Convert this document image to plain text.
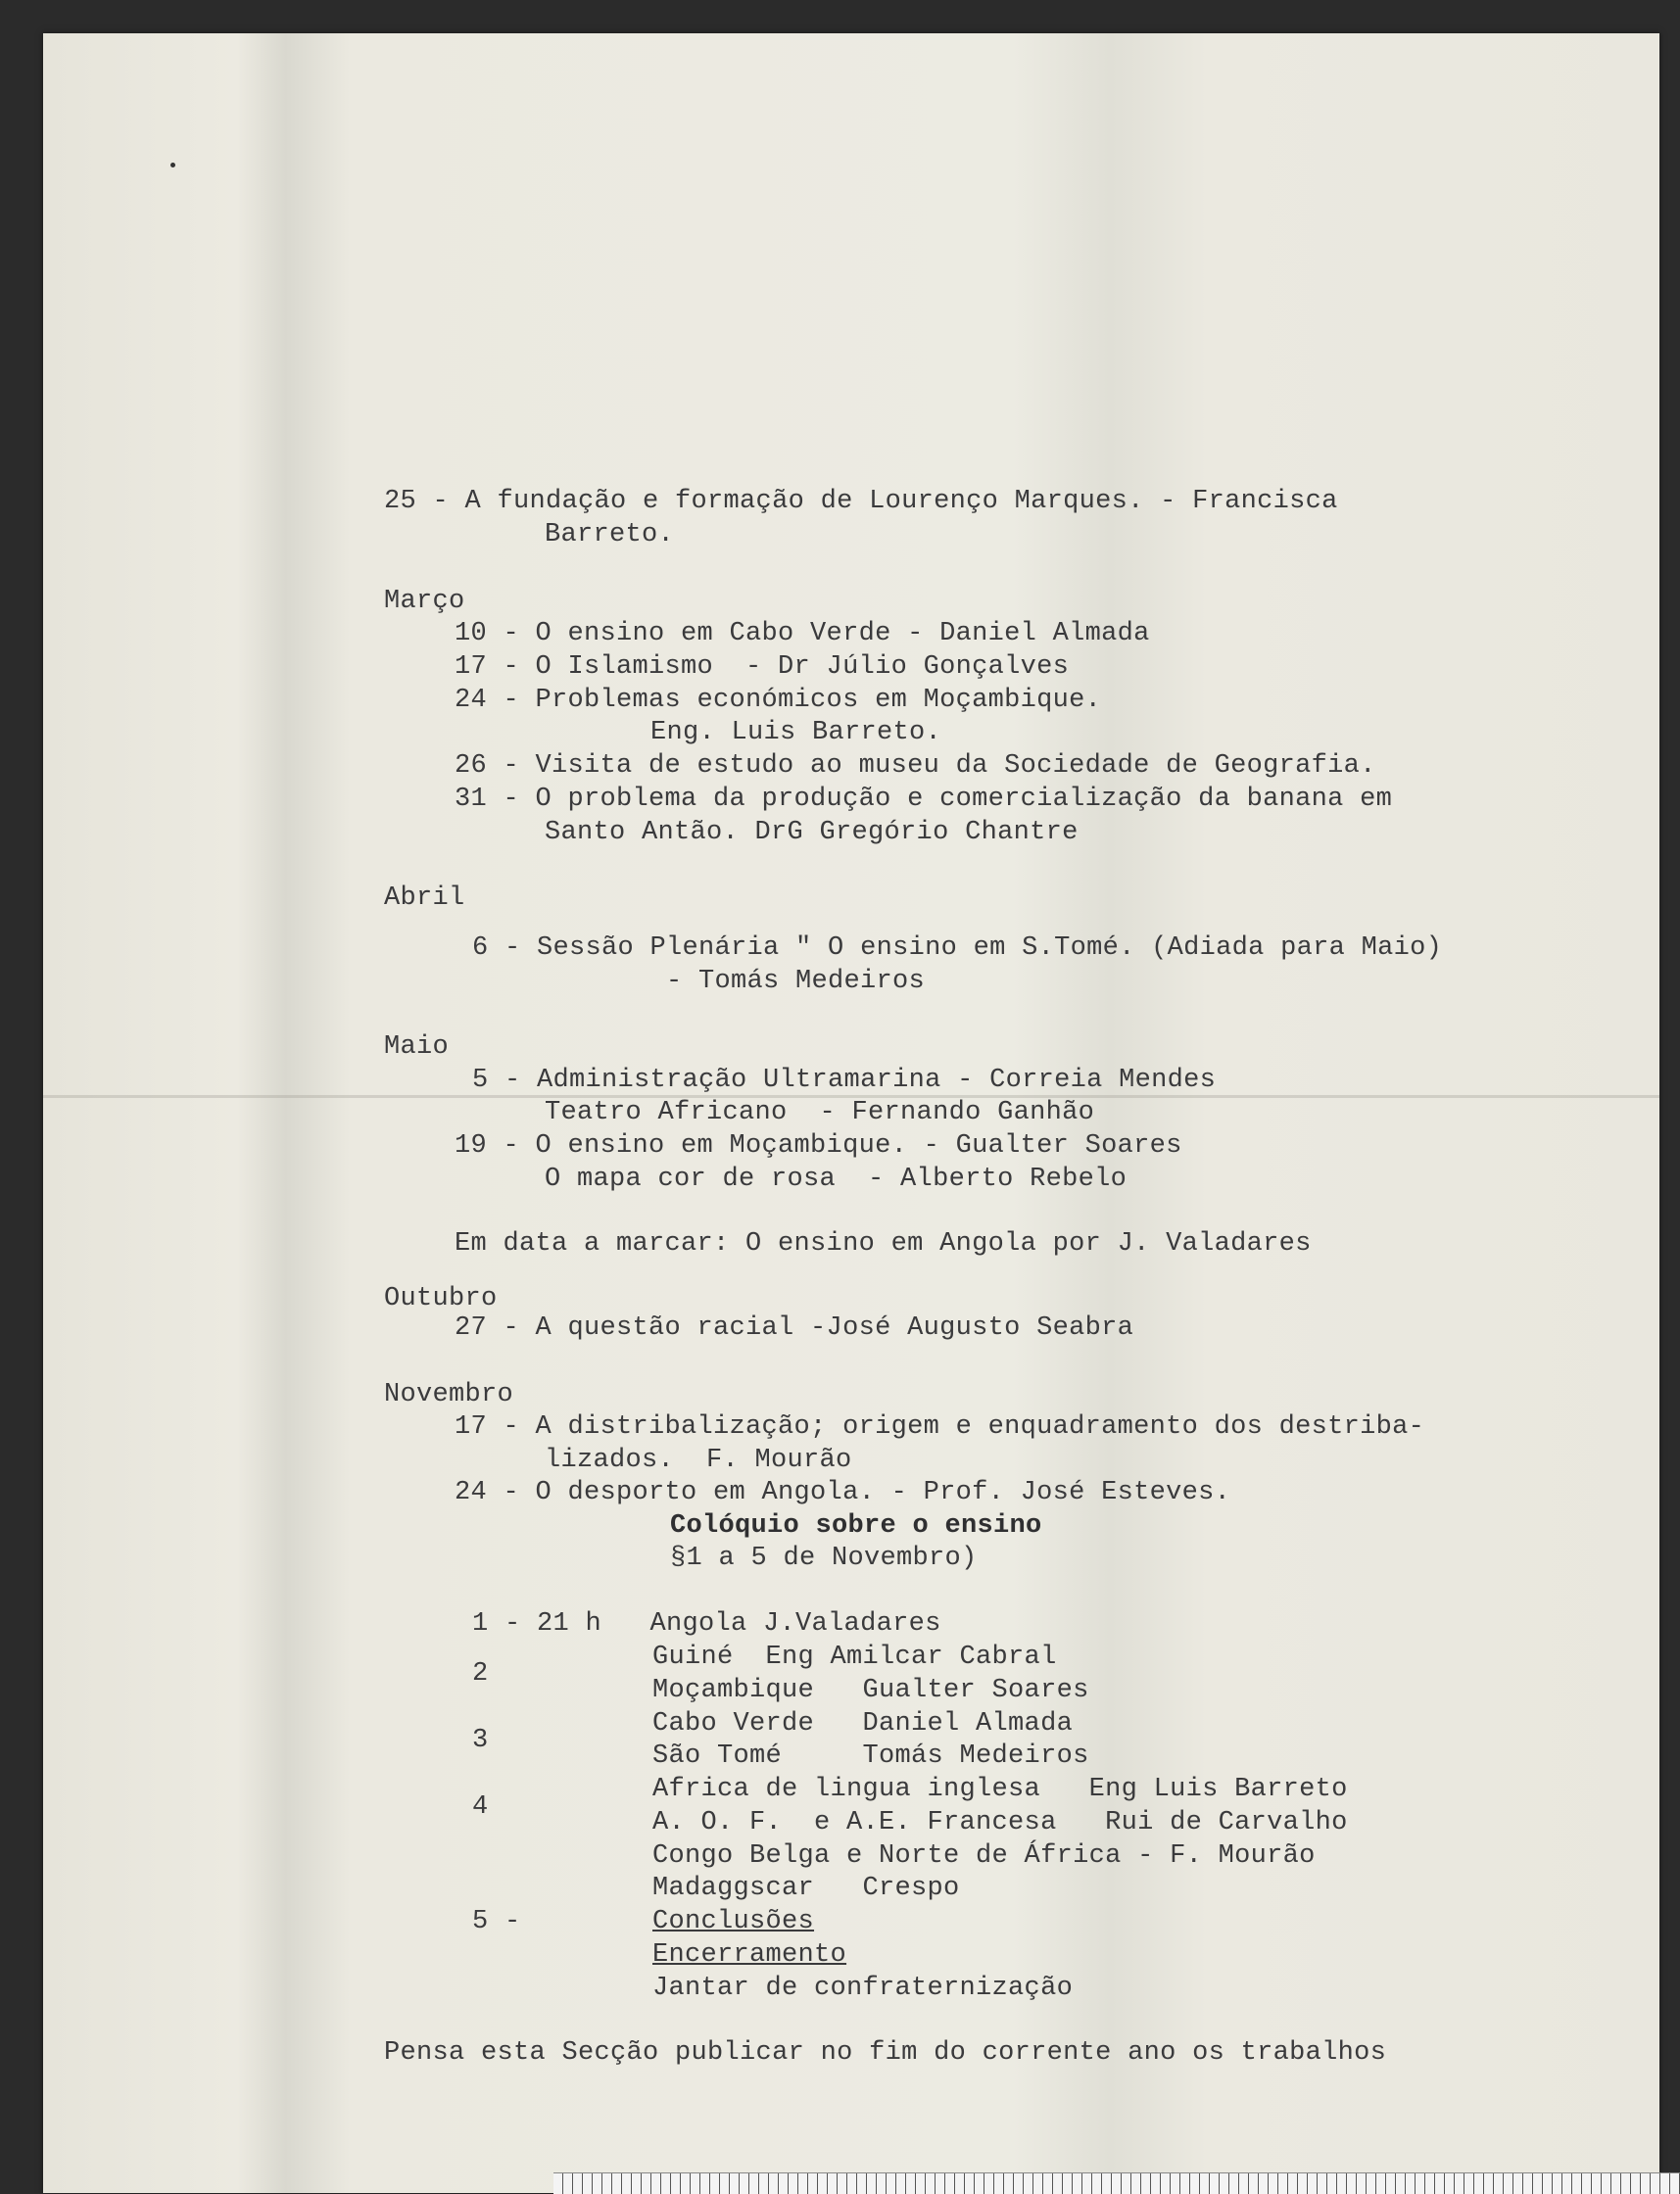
25 - A fundação e formação de Lourenço Marques. - Francisca
Barreto.
Março
10 - O ensino em Cabo Verde - Daniel Almada
17 - O Islamismo  - Dr Júlio Gonçalves
24 - Problemas económicos em Moçambique.
Eng. Luis Barreto.
26 - Visita de estudo ao museu da Sociedade de Geografia.
31 - O problema da produção e comercialização da banana em
Santo Antão. DrG Gregório Chantre
Abril
6 - Sessão Plenária " O ensino em S.Tomé. (Adiada para Maio)
- Tomás Medeiros
Maio
5 - Administração Ultramarina - Correia Mendes
Teatro Africano  - Fernando Ganhão
19 - O ensino em Moçambique. - Gualter Soares
O mapa cor de rosa  - Alberto Rebelo
Em data a marcar: O ensino em Angola por J. Valadares
Outubro
27 - A questão racial -José Augusto Seabra
Novembro
17 - A distribalização; origem e enquadramento dos destriba-
lizados.  F. Mourão
24 - O desporto em Angola. - Prof. José Esteves.
Colóquio sobre o ensino
§1 a 5 de Novembro)
1 - 21 h   Angola J.Valadares
Guiné  Eng Amilcar Cabral
2
Moçambique   Gualter Soares
Cabo Verde   Daniel Almada
3
São Tomé     Tomás Medeiros
Africa de lingua inglesa   Eng Luis Barreto
4
A. O. F.  e A.E. Francesa   Rui de Carvalho
Congo Belga e Norte de África - F. Mourão
Madaggscar   Crespo
5 -	Conclusões
Encerramento
Jantar de confraternização
Pensa esta Secção publicar no fim do corrente ano os trabalhos
